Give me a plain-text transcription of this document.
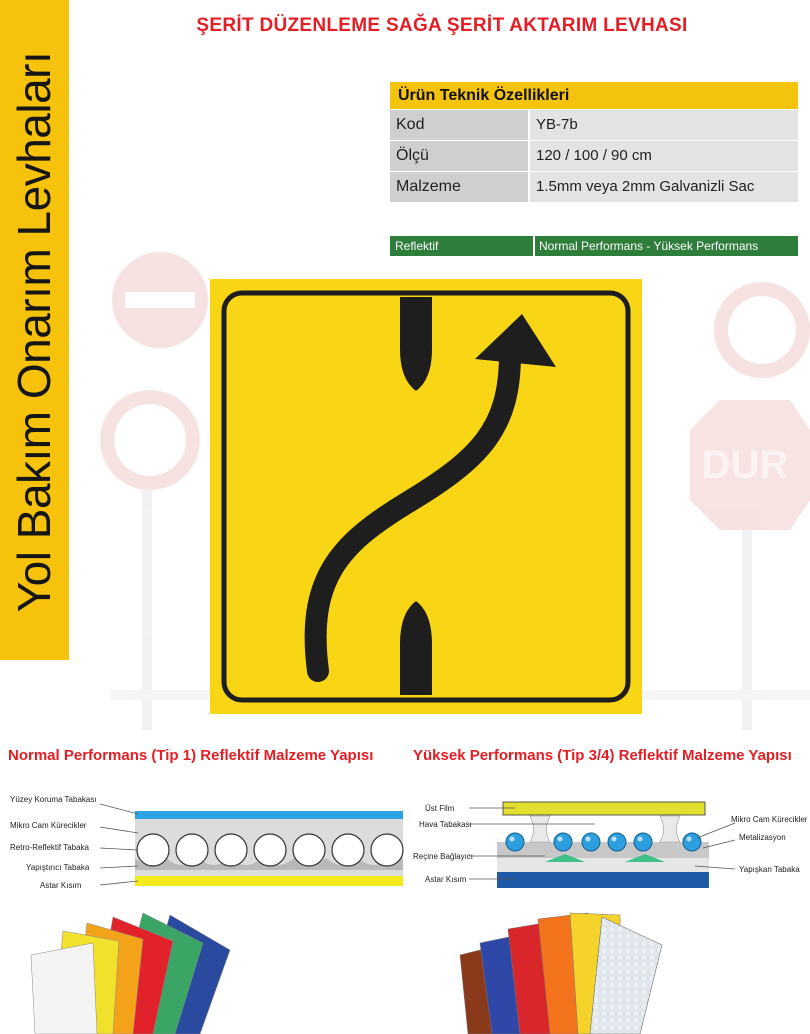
Yol Bakım Onarım Levhaları
ŞERİT DÜZENLEME SAĞA ŞERİT AKTARIM LEVHASI
Ürün Teknik Özellikleri
Kod	YB-7b
Ölçü	120 / 100 / 90 cm
Malzeme	1.5mm veya 2mm Galvanizli Sac
Reflektif	Normal Performans - Yüksek Performans
DUR
Normal Performans (Tip 1) Reflektif Malzeme Yapısı	Yüksek Performans (Tip 3/4) Reflektif Malzeme Yapısı
Yüzey Koruma Tabakası
Mikro Cam Kürecikler
Retro-Reflektif Tabaka
Yapıştırıcı Tabaka
Astar Kısım
Üst Film
Hava Tabakası
Reçine Bağlayıcı
Astar Kısım
Mikro Cam Kürecikler
Metalizasyon
Yapışkan Tabaka
